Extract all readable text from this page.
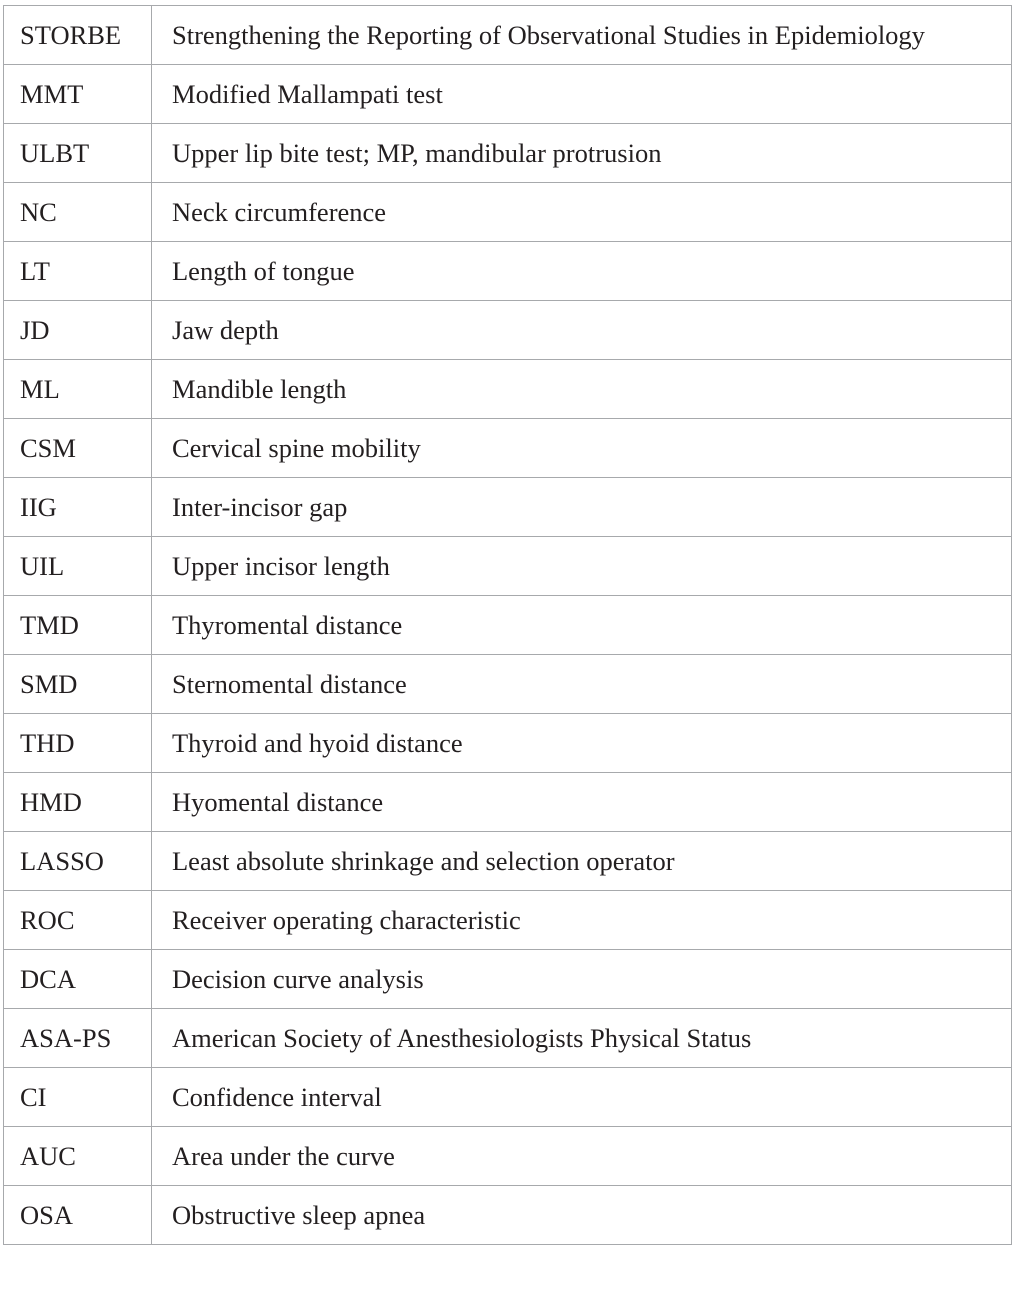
STORBE	Strengthening the Reporting of Observational Studies in Epidemiology
MMT	Modified Mallampati test
ULBT	Upper lip bite test; MP, mandibular protrusion
NC	Neck circumference
LT	Length of tongue
JD	Jaw depth
ML	Mandible length
CSM	Cervical spine mobility
IIG	Inter-incisor gap
UIL	Upper incisor length
TMD	Thyromental distance
SMD	Sternomental distance
THD	Thyroid and hyoid distance
HMD	Hyomental distance
LASSO	Least absolute shrinkage and selection operator
ROC	Receiver operating characteristic
DCA	Decision curve analysis
ASA-PS	American Society of Anesthesiologists Physical Status
CI	Confidence interval
AUC	Area under the curve
OSA	Obstructive sleep apnea
